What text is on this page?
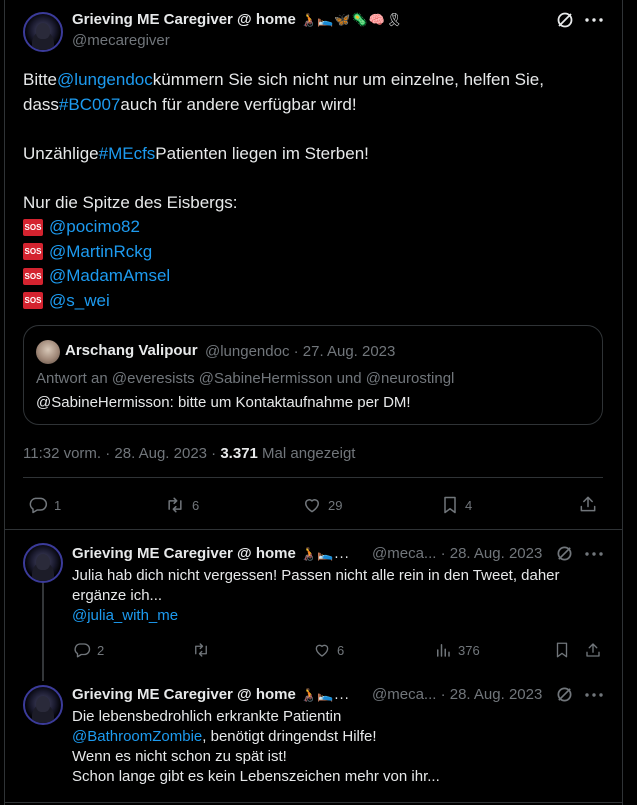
Grieving ME Caregiver @ home 🧑‍🦽🛌🦋🦠🧠🎗
@mecaregiver
Bitte @lungendoc kümmern Sie sich nicht nur um einzelne, helfen Sie,
dass #BC007 auch für andere verfügbar wird!
Unzählige #MEcfs Patienten liegen im Sterben!
Nur die Spitze des Eisbergs:
SOS @pocimo82
SOS @MartinRckg
SOS @MadamAmsel
SOS @s_wei
Arschang Valipour @lungendoc · 27. Aug. 2023
Antwort an @everesists @SabineHermisson und @neurostingl
@SabineHermisson: bitte um Kontaktaufnahme per DM!
11:32 vorm. · 28. Aug. 2023 · 3.371 Mal angezeigt
1	6	29	4
Grieving ME Caregiver @ home 🧑‍🦽🛌... @meca... · 28. Aug. 2023
Julia hab dich nicht vergessen! Passen nicht alle rein in den Tweet, daher
ergänze ich...
@julia_with_me
2	6	376
Grieving ME Caregiver @ home 🧑‍🦽🛌... @meca... · 28. Aug. 2023
Die lebensbedrohlich erkrankte Patientin
@BathroomZombie, benötigt dringendst Hilfe!
Wenn es nicht schon zu spät ist!
Schon lange gibt es kein Lebenszeichen mehr von ihr...
